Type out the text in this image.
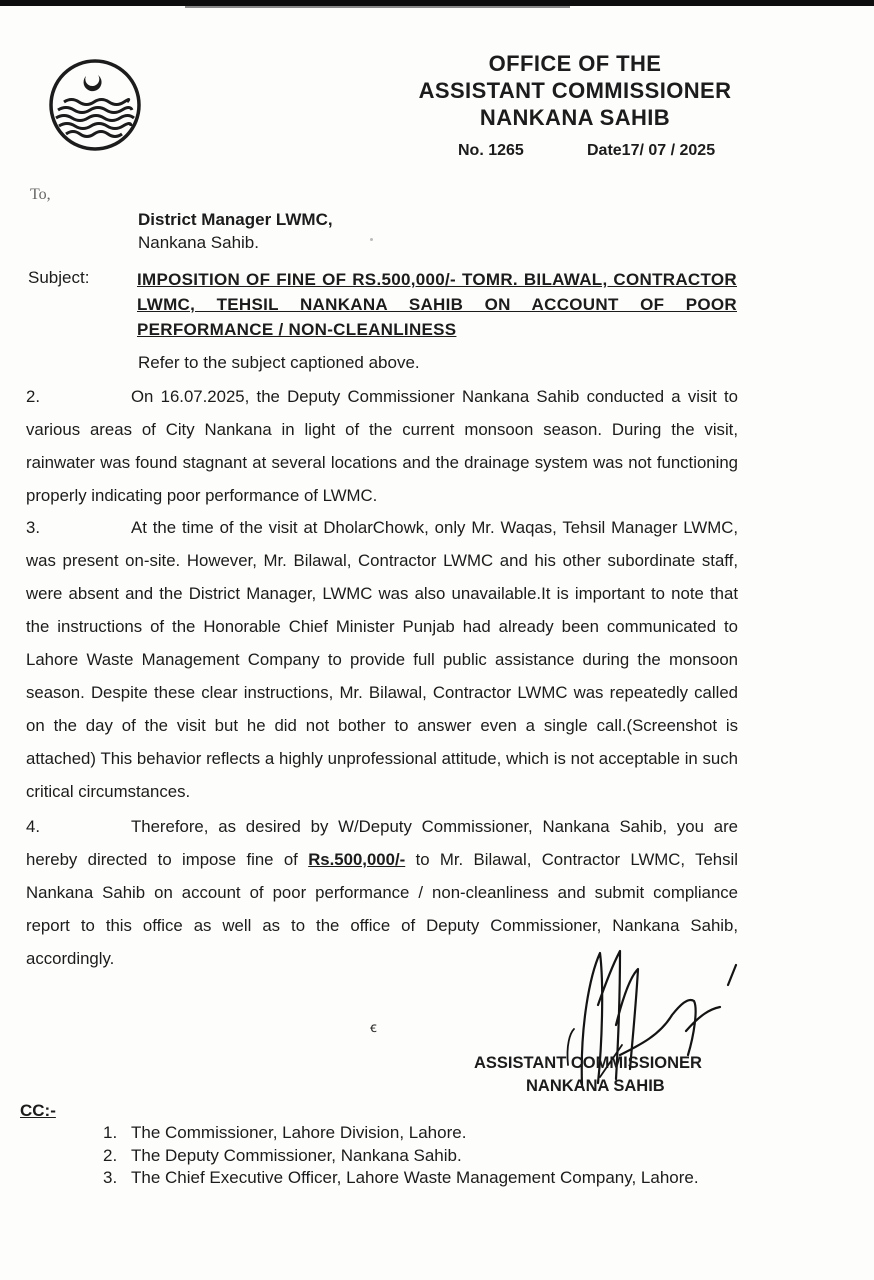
OFFICE OF THE
ASSISTANT COMMISSIONER
NANKANA SAHIB
No. 1265	Date17/ 07 / 2025
To,
District Manager LWMC,
Nankana Sahib.
Subject:	IMPOSITION OF FINE OF RS.500,000/- TOMR. BILAWAL, CONTRACTOR LWMC, TEHSIL NANKANA SAHIB ON ACCOUNT OF POOR PERFORMANCE / NON-CLEANLINESS
Refer to the subject captioned above.
2.	On 16.07.2025, the Deputy Commissioner Nankana Sahib conducted a visit to various areas of City Nankana in light of the current monsoon season. During the visit, rainwater was found stagnant at several locations and the drainage system was not functioning properly indicating poor performance of LWMC.
3.	At the time of the visit at DholarChowk, only Mr. Waqas, Tehsil Manager LWMC, was present on-site. However, Mr. Bilawal, Contractor LWMC and his other subordinate staff, were absent and the District Manager, LWMC was also unavailable.It is important to note that the instructions of the Honorable Chief Minister Punjab had already been communicated to Lahore Waste Management Company to provide full public assistance during the monsoon season. Despite these clear instructions, Mr. Bilawal, Contractor LWMC was repeatedly called on the day of the visit but he did not bother to answer even a single call.(Screenshot is attached) This behavior reflects a highly unprofessional attitude, which is not acceptable in such critical circumstances.
4.	Therefore, as desired by W/Deputy Commissioner, Nankana Sahib, you are hereby directed to impose fine of Rs.500,000/- to Mr. Bilawal, Contractor LWMC, Tehsil Nankana Sahib on account of poor performance / non-cleanliness and submit compliance report to this office as well as to the office of Deputy Commissioner, Nankana Sahib, accordingly.
ꞓ
ASSISTANT COMMISSIONER
NANKANA SAHIB
CC:-
1. The Commissioner, Lahore Division, Lahore.
2. The Deputy Commissioner, Nankana Sahib.
3. The Chief Executive Officer, Lahore Waste Management Company, Lahore.
